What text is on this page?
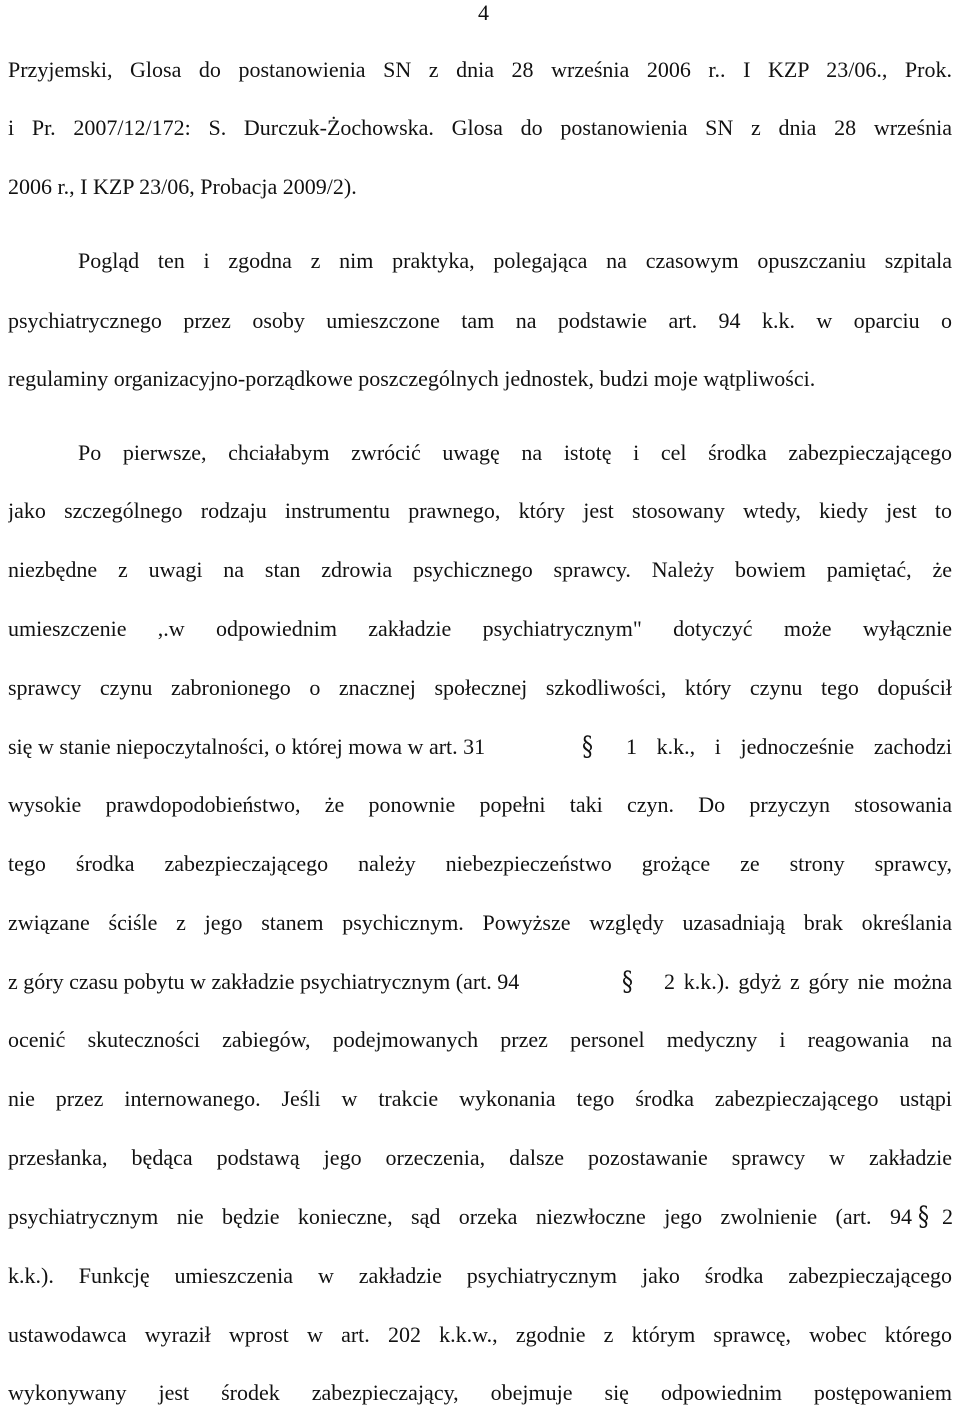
4
Przyjemski, Glosa do postanowienia SN z dnia 28 września 2006 r.. I KZP 23/06., Prok.
i Pr. 2007/12/172: S. Durczuk-Żochowska. Glosa do postanowienia SN z dnia 28 września
2006 r., I KZP 23/06, Probacja 2009/2).
Pogląd ten i zgodna z nim praktyka, polegająca na czasowym opuszczaniu szpitala
psychiatrycznego przez osoby umieszczone tam na podstawie art. 94 k.k. w oparciu o
regulaminy organizacyjno-porządkowe poszczególnych jednostek, budzi moje wątpliwości.
Po pierwsze, chciałabym zwrócić uwagę na istotę i cel środka zabezpieczającego
jako szczególnego rodzaju instrumentu prawnego, który jest stosowany wtedy, kiedy jest to
niezbędne z uwagi na stan zdrowia psychicznego sprawcy. Należy bowiem pamiętać, że
umieszczenie ,.w odpowiednim zakładzie psychiatrycznym" dotyczyć może wyłącznie
sprawcy czynu zabronionego o znacznej społecznej szkodliwości, który czynu tego dopuścił
się w stanie niepoczytalności, o której mowa w art. 31	§	1 k.k., i jednocześnie zachodzi
wysokie prawdopodobieństwo, że ponownie popełni taki czyn. Do przyczyn stosowania
tego środka zabezpieczającego należy niebezpieczeństwo grożące ze strony sprawcy,
związane ściśle z jego stanem psychicznym. Powyższe względy uzasadniają brak określania
z góry czasu pobytu w zakładzie psychiatrycznym (art. 94	§	2 k.k.). gdyż z góry nie można
ocenić skuteczności zabiegów, podejmowanych przez personel medyczny i reagowania na
nie przez internowanego. Jeśli w trakcie wykonania tego środka zabezpieczającego ustąpi
przesłanka, będąca podstawą jego orzeczenia, dalsze pozostawanie sprawcy w zakładzie
psychiatrycznym nie będzie konieczne, sąd orzeka niezwłoczne jego zwolnienie (art. 94 § 2
k.k.). Funkcję umieszczenia w zakładzie psychiatrycznym jako środka zabezpieczającego
ustawodawca wyraził wprost w art. 202 k.k.w., zgodnie z którym sprawcę, wobec którego
wykonywany jest środek zabezpieczający, obejmuje się odpowiednim postępowaniem
